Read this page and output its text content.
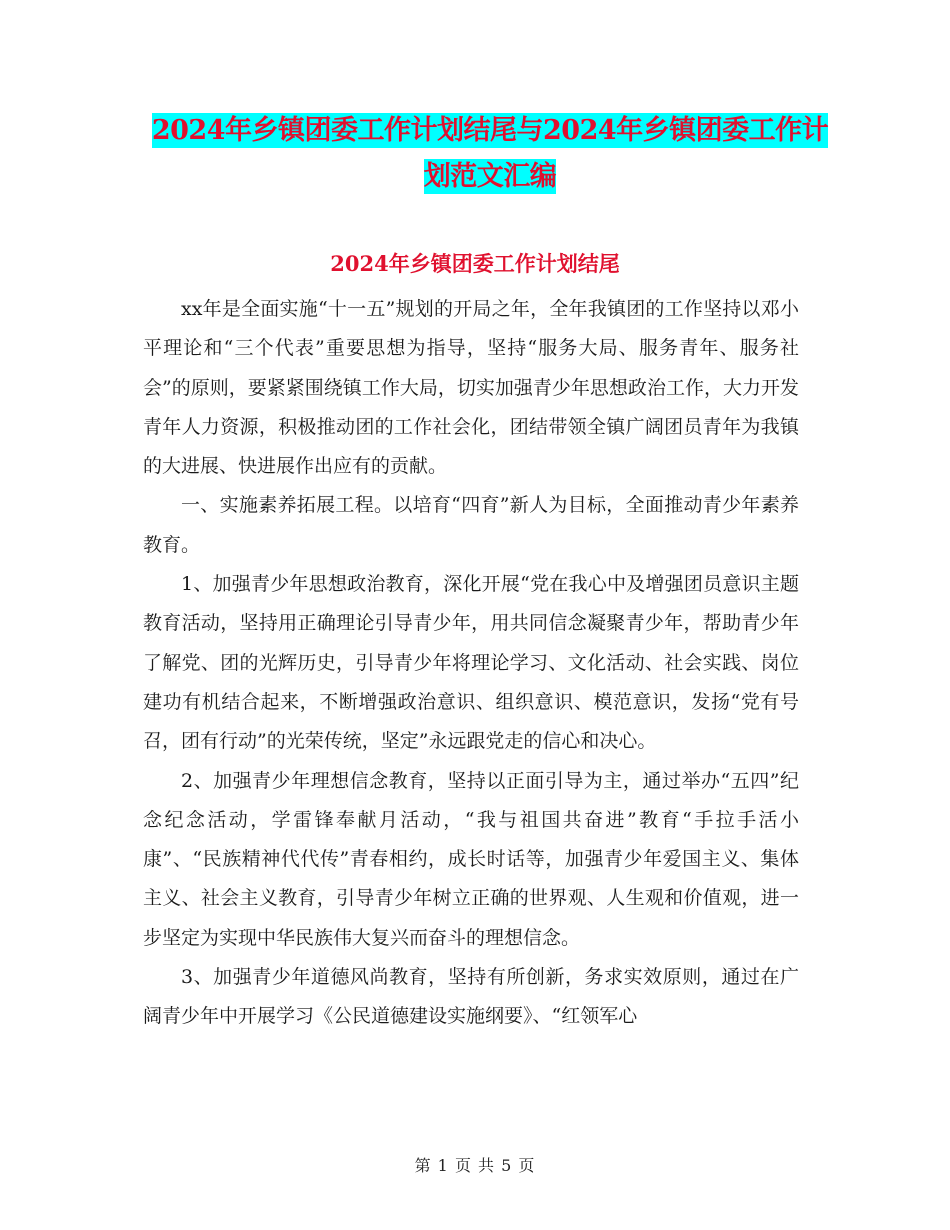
2024年乡镇团委工作计划结尾与2024年乡镇团委工作计划范文汇编
2024年乡镇团委工作计划结尾

xx年是全面实施“十一五”规划的开局之年，全年我镇团的工作坚持以邓小平理论和“三个代表”重要思想为指导，坚持“服务大局、服务青年、服务社会”的原则，要紧紧围绕镇工作大局，切实加强青少年思想政治工作，大力开发青年人力资源，积极推动团的工作社会化，团结带领全镇广阔团员青年为我镇的大进展、快进展作出应有的贡献。

一、实施素养拓展工程。以培育“四育”新人为目标，全面推动青少年素养教育。

1、加强青少年思想政治教育，深化开展“党在我心中及增强团员意识主题教育活动，坚持用正确理论引导青少年，用共同信念凝聚青少年，帮助青少年了解党、团的光辉历史，引导青少年将理论学习、文化活动、社会实践、岗位建功有机结合起来，不断增强政治意识、组织意识、模范意识，发扬“党有号召，团有行动”的光荣传统，坚定”永远跟党走的信心和决心。

2、加强青少年理想信念教育，坚持以正面引导为主，通过举办“五四”纪念纪念活动，学雷锋奉献月活动，“我与祖国共奋进”教育“手拉手活小康”、“民族精神代代传”青春相约，成长时话等，加强青少年爱国主义、集体主义、社会主义教育，引导青少年树立正确的世界观、人生观和价值观，进一步坚定为实现中华民族伟大复兴而奋斗的理想信念。

3、加强青少年道德风尚教育，坚持有所创新，务求实效原则，通过在广阔青少年中开展学习《公民道德建设实施纲要》、“红领军心

第 1 页 共 5 页
